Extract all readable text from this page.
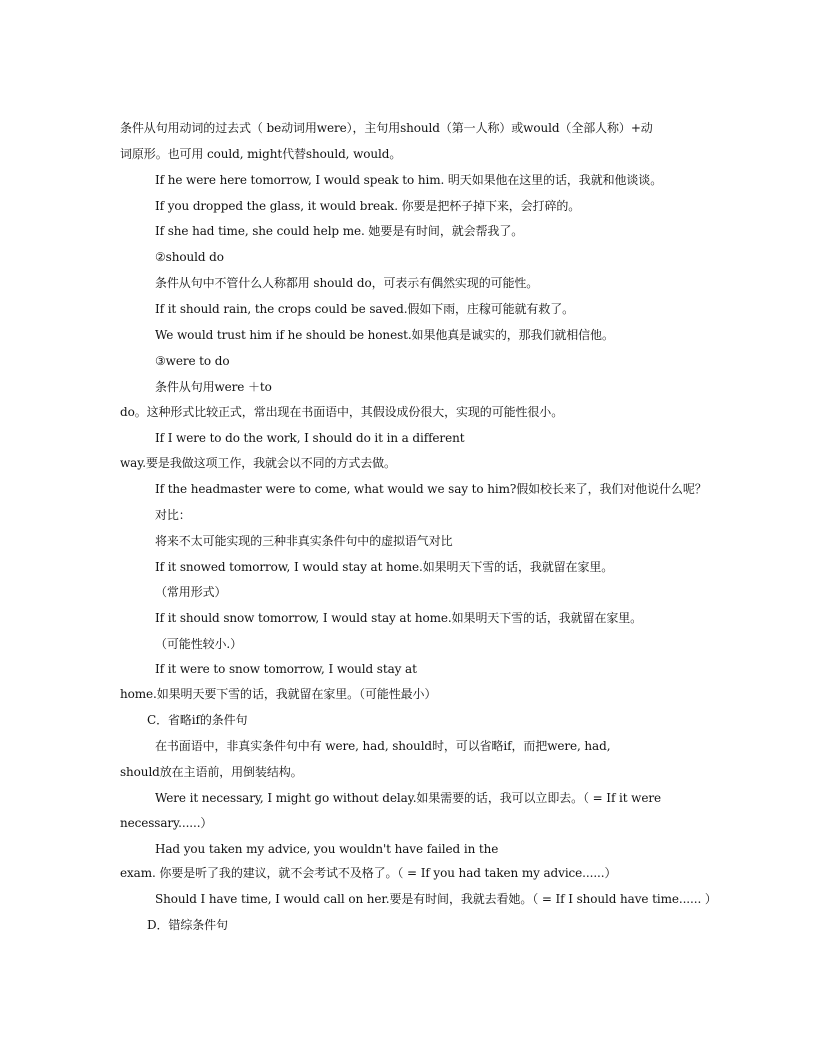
条件从句用动词的过去式（ be动词用were），主句用should（第一人称）或would（全部人称）+动
词原形。也可用 could, might代替should, would。
If he were here tomorrow, I would speak to him. 明天如果他在这里的话，我就和他谈谈。
If you dropped the glass, it would break. 你要是把杯子掉下来，会打碎的。
If she had time, she could help me. 她要是有时间，就会帮我了。
②should do
条件从句中不管什么人称都用 should do，可表示有偶然实现的可能性。
If it should rain, the crops could be saved.假如下雨，庄稼可能就有救了。
We would trust him if he should be honest.如果他真是诚实的，那我们就相信他。
③were to do
条件从句用were ＋to
do。这种形式比较正式，常出现在书面语中，其假设成份很大，实现的可能性很小。
If I were to do the work, I should do it in a different
way.要是我做这项工作，我就会以不同的方式去做。
If the headmaster were to come, what would we say to him?假如校长来了，我们对他说什么呢？
对比：
将来不太可能实现的三种非真实条件句中的虚拟语气对比
If it snowed tomorrow, I would stay at home.如果明天下雪的话，我就留在家里。
（常用形式）
If it should snow tomorrow, I would stay at home.如果明天下雪的话，我就留在家里。
（可能性较小.）
If it were to snow tomorrow, I would stay at
home.如果明天要下雪的话，我就留在家里。（可能性最小）
C．省略if的条件句
在书面语中，非真实条件句中有 were, had, should时，可以省略if，而把were, had,
should放在主语前，用倒装结构。
Were it necessary, I might go without delay.如果需要的话，我可以立即去。（ = If it were
necessary......）
Had you taken my advice, you wouldn't have failed in the
exam. 你要是听了我的建议，就不会考试不及格了。（ = If you had taken my advice......）
Should I have time, I would call on her.要是有时间，我就去看她。（ = If I should have time...... ）
D．错综条件句
